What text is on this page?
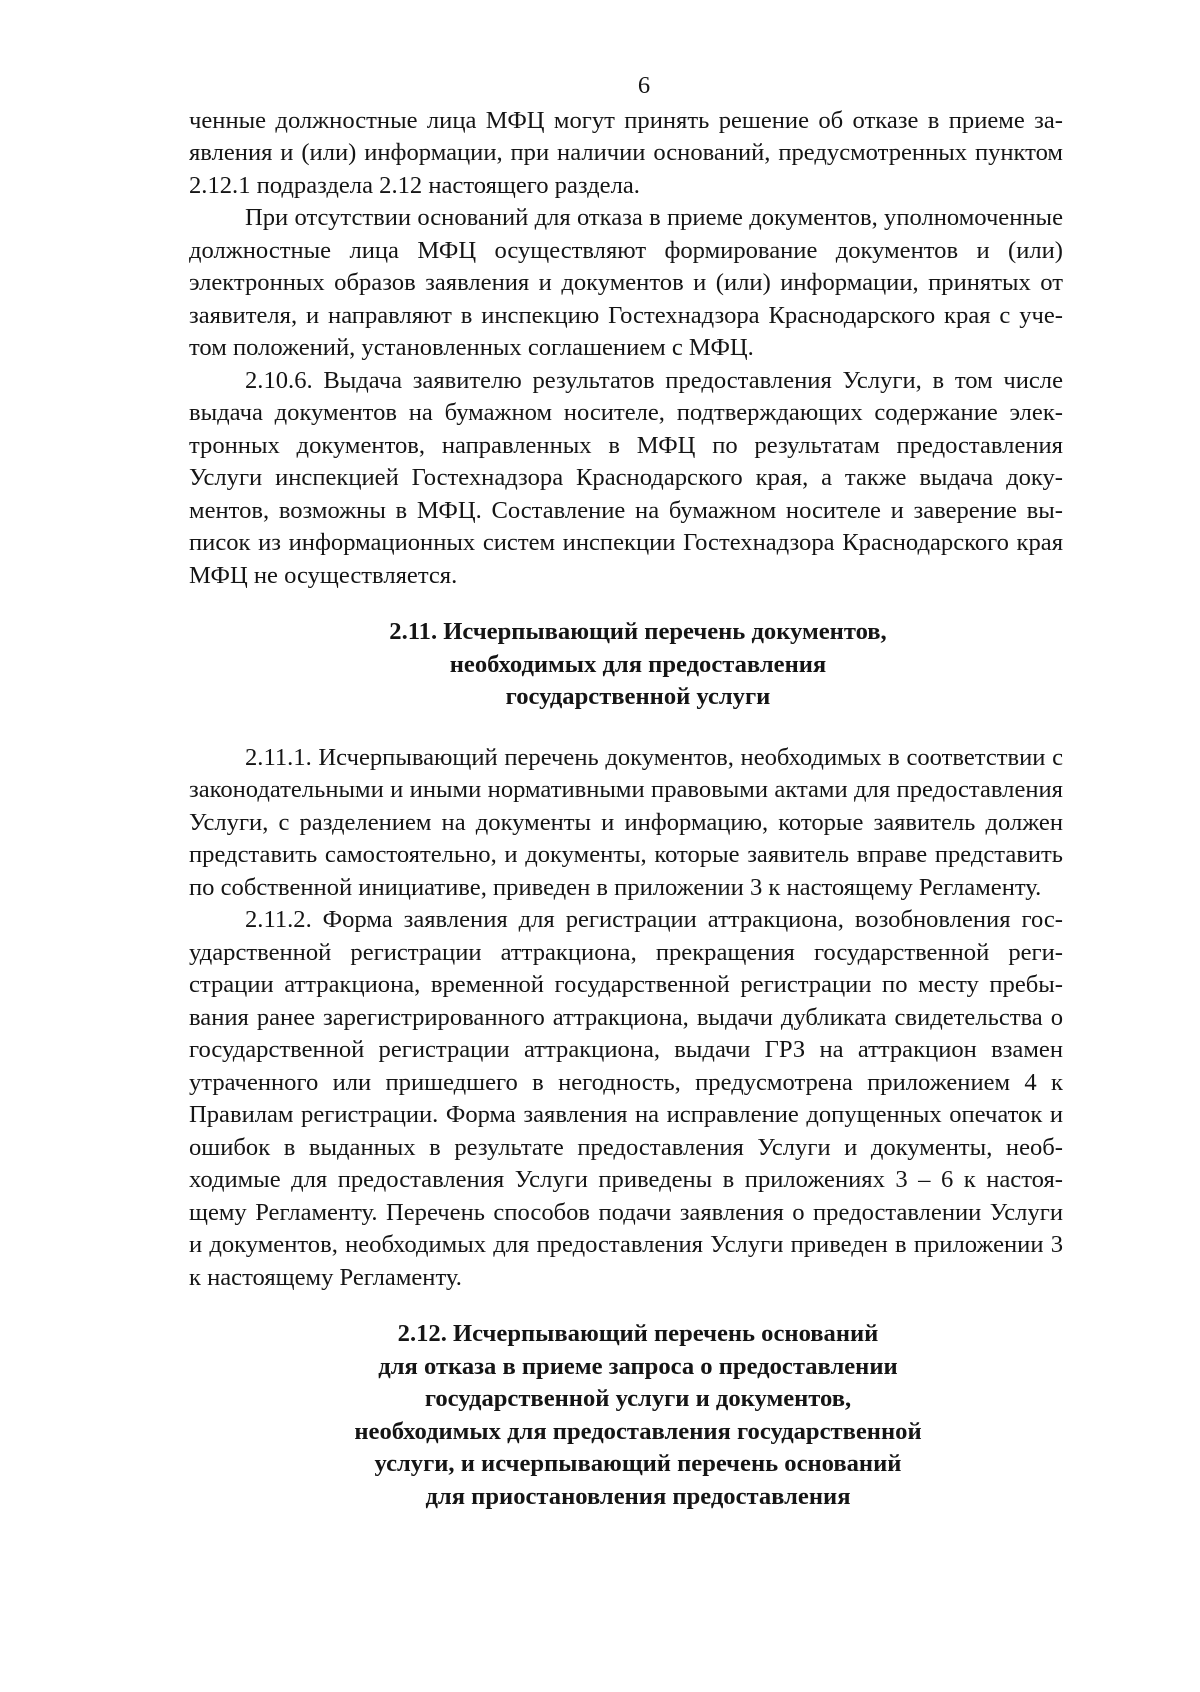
6

ченные должностные лица МФЦ могут принять решение об отказе в приеме заявления и (или) информации, при наличии оснований, предусмотренных пунктом 2.12.1 подраздела 2.12 настоящего раздела.

При отсутствии оснований для отказа в приеме документов, уполномоченные должностные лица МФЦ осуществляют формирование документов и (или) электронных образов заявления и документов и (или) информации, принятых от заявителя, и направляют в инспекцию Гостехнадзора Краснодарского края с учетом положений, установленных соглашением с МФЦ.

2.10.6. Выдача заявителю результатов предоставления Услуги, в том числе выдача документов на бумажном носителе, подтверждающих содержание электронных документов, направленных в МФЦ по результатам предоставления Услуги инспекцией Гостехнадзора Краснодарского края, а также выдача документов, возможны в МФЦ. Составление на бумажном носителе и заверение выписок из информационных систем инспекции Гостехнадзора Краснодарского края МФЦ не осуществляется.

2.11. Исчерпывающий перечень документов,
необходимых для предоставления
государственной услуги

2.11.1. Исчерпывающий перечень документов, необходимых в соответствии с законодательными и иными нормативными правовыми актами для предоставления Услуги, с разделением на документы и информацию, которые заявитель должен представить самостоятельно, и документы, которые заявитель вправе представить по собственной инициативе, приведен в приложении 3 к настоящему Регламенту.

2.11.2. Форма заявления для регистрации аттракциона, возобновления государственной регистрации аттракциона, прекращения государственной регистрации аттракциона, временной государственной регистрации по месту пребывания ранее зарегистрированного аттракциона, выдачи дубликата свидетельства о государственной регистрации аттракциона, выдачи ГРЗ на аттракцион взамен утраченного или пришедшего в негодность, предусмотрена приложением 4 к Правилам регистрации. Форма заявления на исправление допущенных опечаток и ошибок в выданных в результате предоставления Услуги и документы, необходимые для предоставления Услуги приведены в приложениях 3 – 6 к настоящему Регламенту. Перечень способов подачи заявления о предоставлении Услуги и документов, необходимых для предоставления Услуги приведен в приложении 3 к настоящему Регламенту.

2.12. Исчерпывающий перечень оснований
для отказа в приеме запроса о предоставлении
государственной услуги и документов,
необходимых для предоставления государственной
услуги, и исчерпывающий перечень оснований
для приостановления предоставления
